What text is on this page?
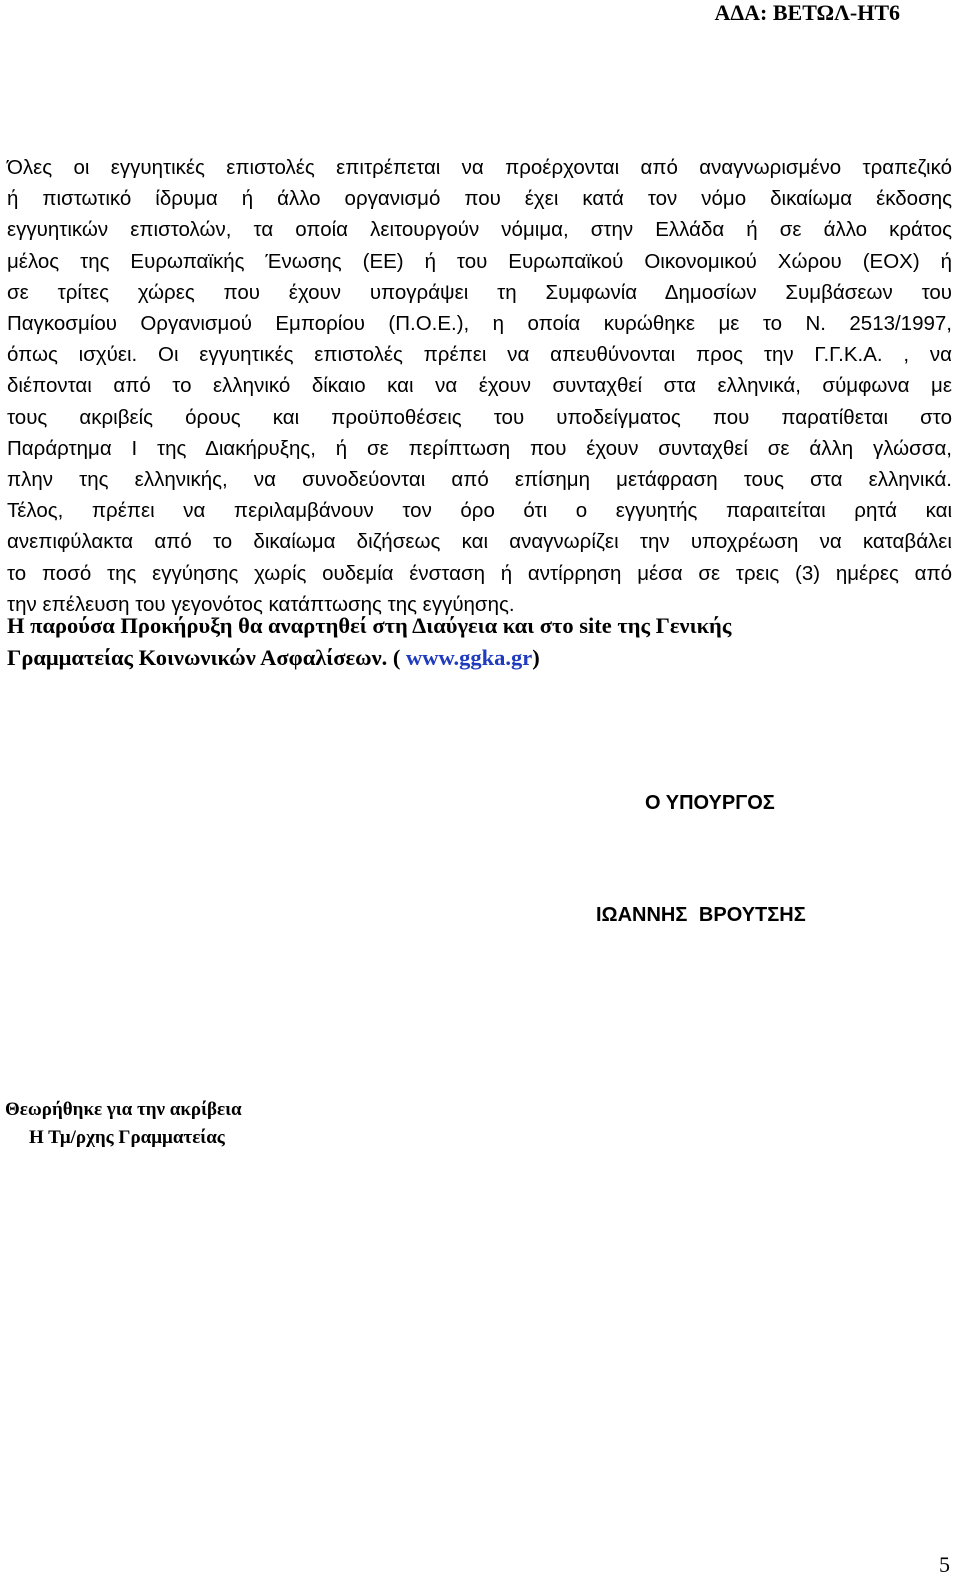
ΑΔΑ: ΒΕΤΩΛ-ΗΤ6
Όλες οι εγγυητικές επιστολές επιτρέπεται να προέρχονται από αναγνωρισμένο τραπεζικό
ή πιστωτικό ίδρυμα ή άλλο οργανισμό που έχει κατά τον νόμο δικαίωμα έκδοσης
εγγυητικών επιστολών, τα οποία λειτουργούν νόμιμα, στην Ελλάδα ή σε άλλο κράτος
μέλος της Ευρωπαϊκής Ένωσης (ΕΕ) ή του Ευρωπαϊκού Οικονομικού Χώρου (ΕΟΧ) ή
σε τρίτες χώρες που έχουν υπογράψει τη Συμφωνία Δημοσίων Συμβάσεων του
Παγκοσμίου Οργανισμού Εμπορίου (Π.Ο.Ε.), η οποία κυρώθηκε με το Ν. 2513/1997,
όπως ισχύει. Οι εγγυητικές επιστολές πρέπει να απευθύνονται προς την Γ.Γ.Κ.Α. , να
διέπονται από το ελληνικό δίκαιο και να έχουν συνταχθεί στα ελληνικά, σύμφωνα με
τους ακριβείς όρους και προϋποθέσεις του υποδείγματος που παρατίθεται στο
Παράρτημα Ι της Διακήρυξης, ή σε περίπτωση που έχουν συνταχθεί σε άλλη γλώσσα,
πλην της ελληνικής, να συνοδεύονται από επίσημη μετάφραση τους στα ελληνικά.
Τέλος, πρέπει να περιλαμβάνουν τον όρο ότι ο εγγυητής παραιτείται ρητά και
ανεπιφύλακτα από το δικαίωμα διζήσεως και αναγνωρίζει την υποχρέωση να καταβάλει
το ποσό της εγγύησης χωρίς ουδεμία ένσταση ή αντίρρηση μέσα σε τρεις (3) ημέρες από
την επέλευση του γεγονότος κατάπτωσης της εγγύησης.
Η παρούσα Προκήρυξη θα αναρτηθεί στη Διαύγεια και στο site της Γενικής
Γραμματείας Κοινωνικών Ασφαλίσεων. ( www.ggka.gr)
Ο ΥΠΟΥΡΓΟΣ
ΙΩΑΝΝΗΣ ΒΡΟΥΤΣΗΣ
Θεωρήθηκε για την ακρίβεια
Η Τμ/ρχης Γραμματείας
5
